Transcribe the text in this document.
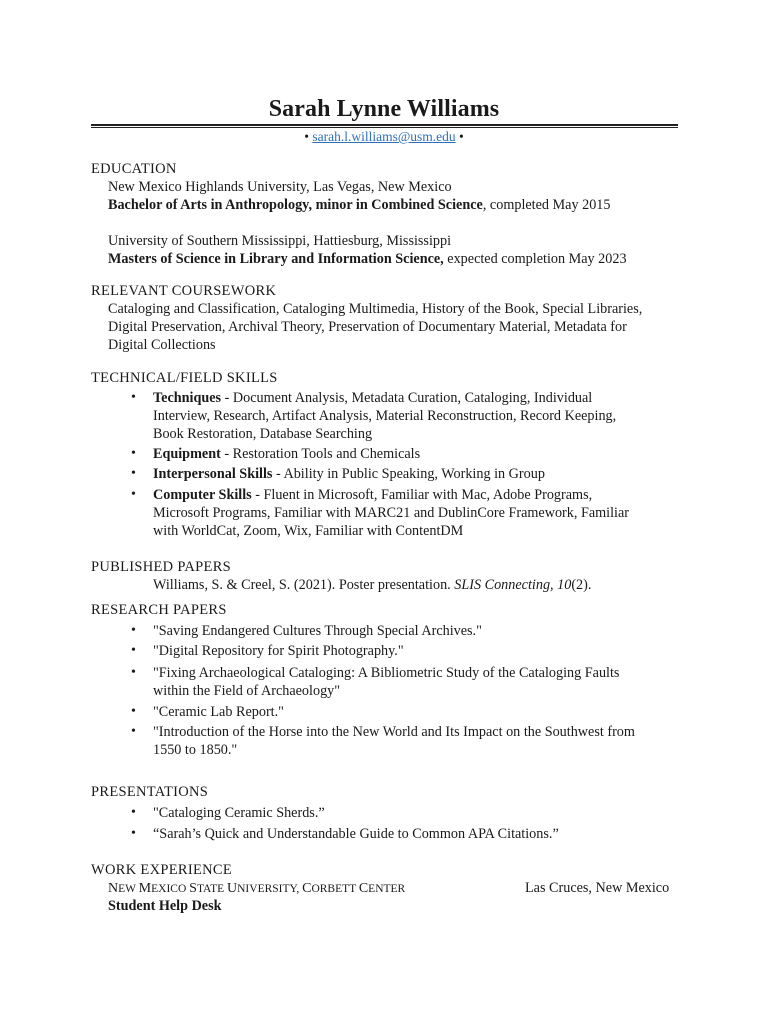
Sarah Lynne Williams
• sarah.l.williams@usm.edu •
EDUCATION
New Mexico Highlands University, Las Vegas, New Mexico
Bachelor of Arts in Anthropology, minor in Combined Science, completed May 2015
University of Southern Mississippi, Hattiesburg, Mississippi
Masters of Science in Library and Information Science, expected completion May 2023
RELEVANT COURSEWORK
Cataloging and Classification, Cataloging Multimedia, History of the Book, Special Libraries,
Digital Preservation, Archival Theory, Preservation of Documentary Material, Metadata for
Digital Collections
TECHNICAL/FIELD SKILLS
• Techniques - Document Analysis, Metadata Curation, Cataloging, Individual
Interview, Research, Artifact Analysis, Material Reconstruction, Record Keeping,
Book Restoration, Database Searching
• Equipment - Restoration Tools and Chemicals
• Interpersonal Skills - Ability in Public Speaking, Working in Group
• Computer Skills - Fluent in Microsoft, Familiar with Mac, Adobe Programs,
Microsoft Programs, Familiar with MARC21 and DublinCore Framework, Familiar
with WorldCat, Zoom, Wix, Familiar with ContentDM
PUBLISHED PAPERS
Williams, S. & Creel, S. (2021). Poster presentation. SLIS Connecting, 10(2).
RESEARCH PAPERS
• "Saving Endangered Cultures Through Special Archives."
• "Digital Repository for Spirit Photography."
• "Fixing Archaeological Cataloging: A Bibliometric Study of the Cataloging Faults
within the Field of Archaeology"
• "Ceramic Lab Report."
• "Introduction of the Horse into the New World and Its Impact on the Southwest from
1550 to 1850."
PRESENTATIONS
• "Cataloging Ceramic Sherds.”
• “Sarah’s Quick and Understandable Guide to Common APA Citations.”
WORK EXPERIENCE
NEW MEXICO STATE UNIVERSITY, CORBETT CENTER	Las Cruces, New Mexico
Student Help Desk
